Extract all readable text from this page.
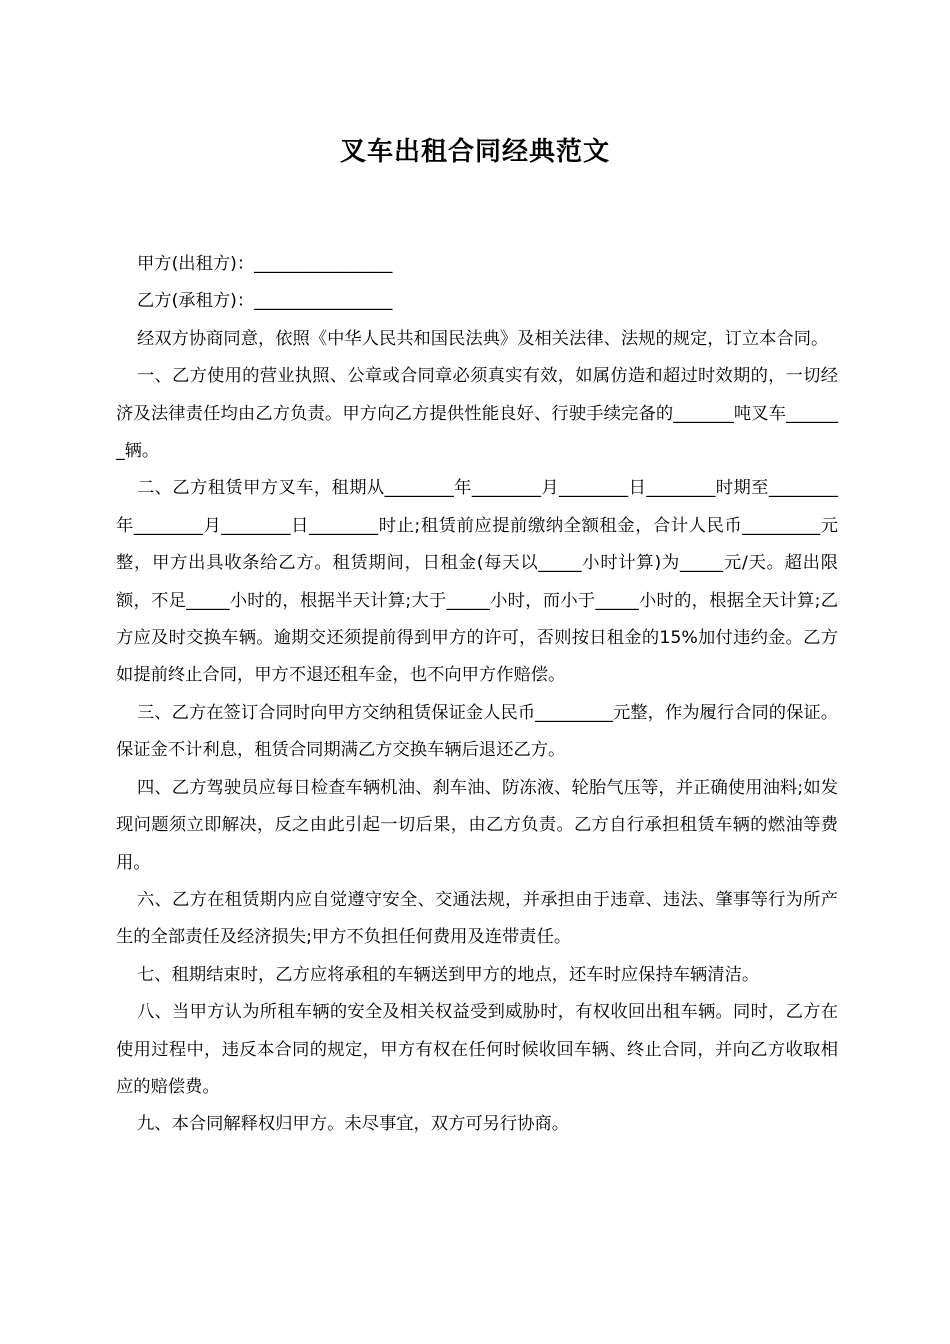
叉车出租合同经典范文

甲方(出租方)：________________

乙方(承租方)：________________

经双方协商同意，依照《中华人民共和国民法典》及相关法律、法规的规定，订立本合同。

一、乙方使用的营业执照、公章或合同章必须真实有效，如属仿造和超过时效期的，一切经济及法律责任均由乙方负责。甲方向乙方提供性能良好、行驶手续完备的_______吨叉车_______辆。

二、乙方租赁甲方叉车，租期从________年________月________日________时期至________年________月________日________时止;租赁前应提前缴纳全额租金，合计人民币_________元整，甲方出具收条给乙方。租赁期间，日租金(每天以_____小时计算)为_____元/天。超出限额，不足_____小时的，根据半天计算;大于_____小时，而小于_____小时的，根据全天计算;乙方应及时交换车辆。逾期交还须提前得到甲方的许可，否则按日租金的15%加付违约金。乙方如提前终止合同，甲方不退还租车金，也不向甲方作赔偿。

三、乙方在签订合同时向甲方交纳租赁保证金人民币_________元整，作为履行合同的保证。保证金不计利息，租赁合同期满乙方交换车辆后退还乙方。

四、乙方驾驶员应每日检查车辆机油、刹车油、防冻液、轮胎气压等，并正确使用油料;如发现问题须立即解决，反之由此引起一切后果，由乙方负责。乙方自行承担租赁车辆的燃油等费用。

六、乙方在租赁期内应自觉遵守安全、交通法规，并承担由于违章、违法、肇事等行为所产生的全部责任及经济损失;甲方不负担任何费用及连带责任。

七、租期结束时，乙方应将承租的车辆送到甲方的地点，还车时应保持车辆清洁。

八、当甲方认为所租车辆的安全及相关权益受到威胁时，有权收回出租车辆。同时，乙方在使用过程中，违反本合同的规定，甲方有权在任何时候收回车辆、终止合同，并向乙方收取相应的赔偿费。

九、本合同解释权归甲方。未尽事宜，双方可另行协商。
